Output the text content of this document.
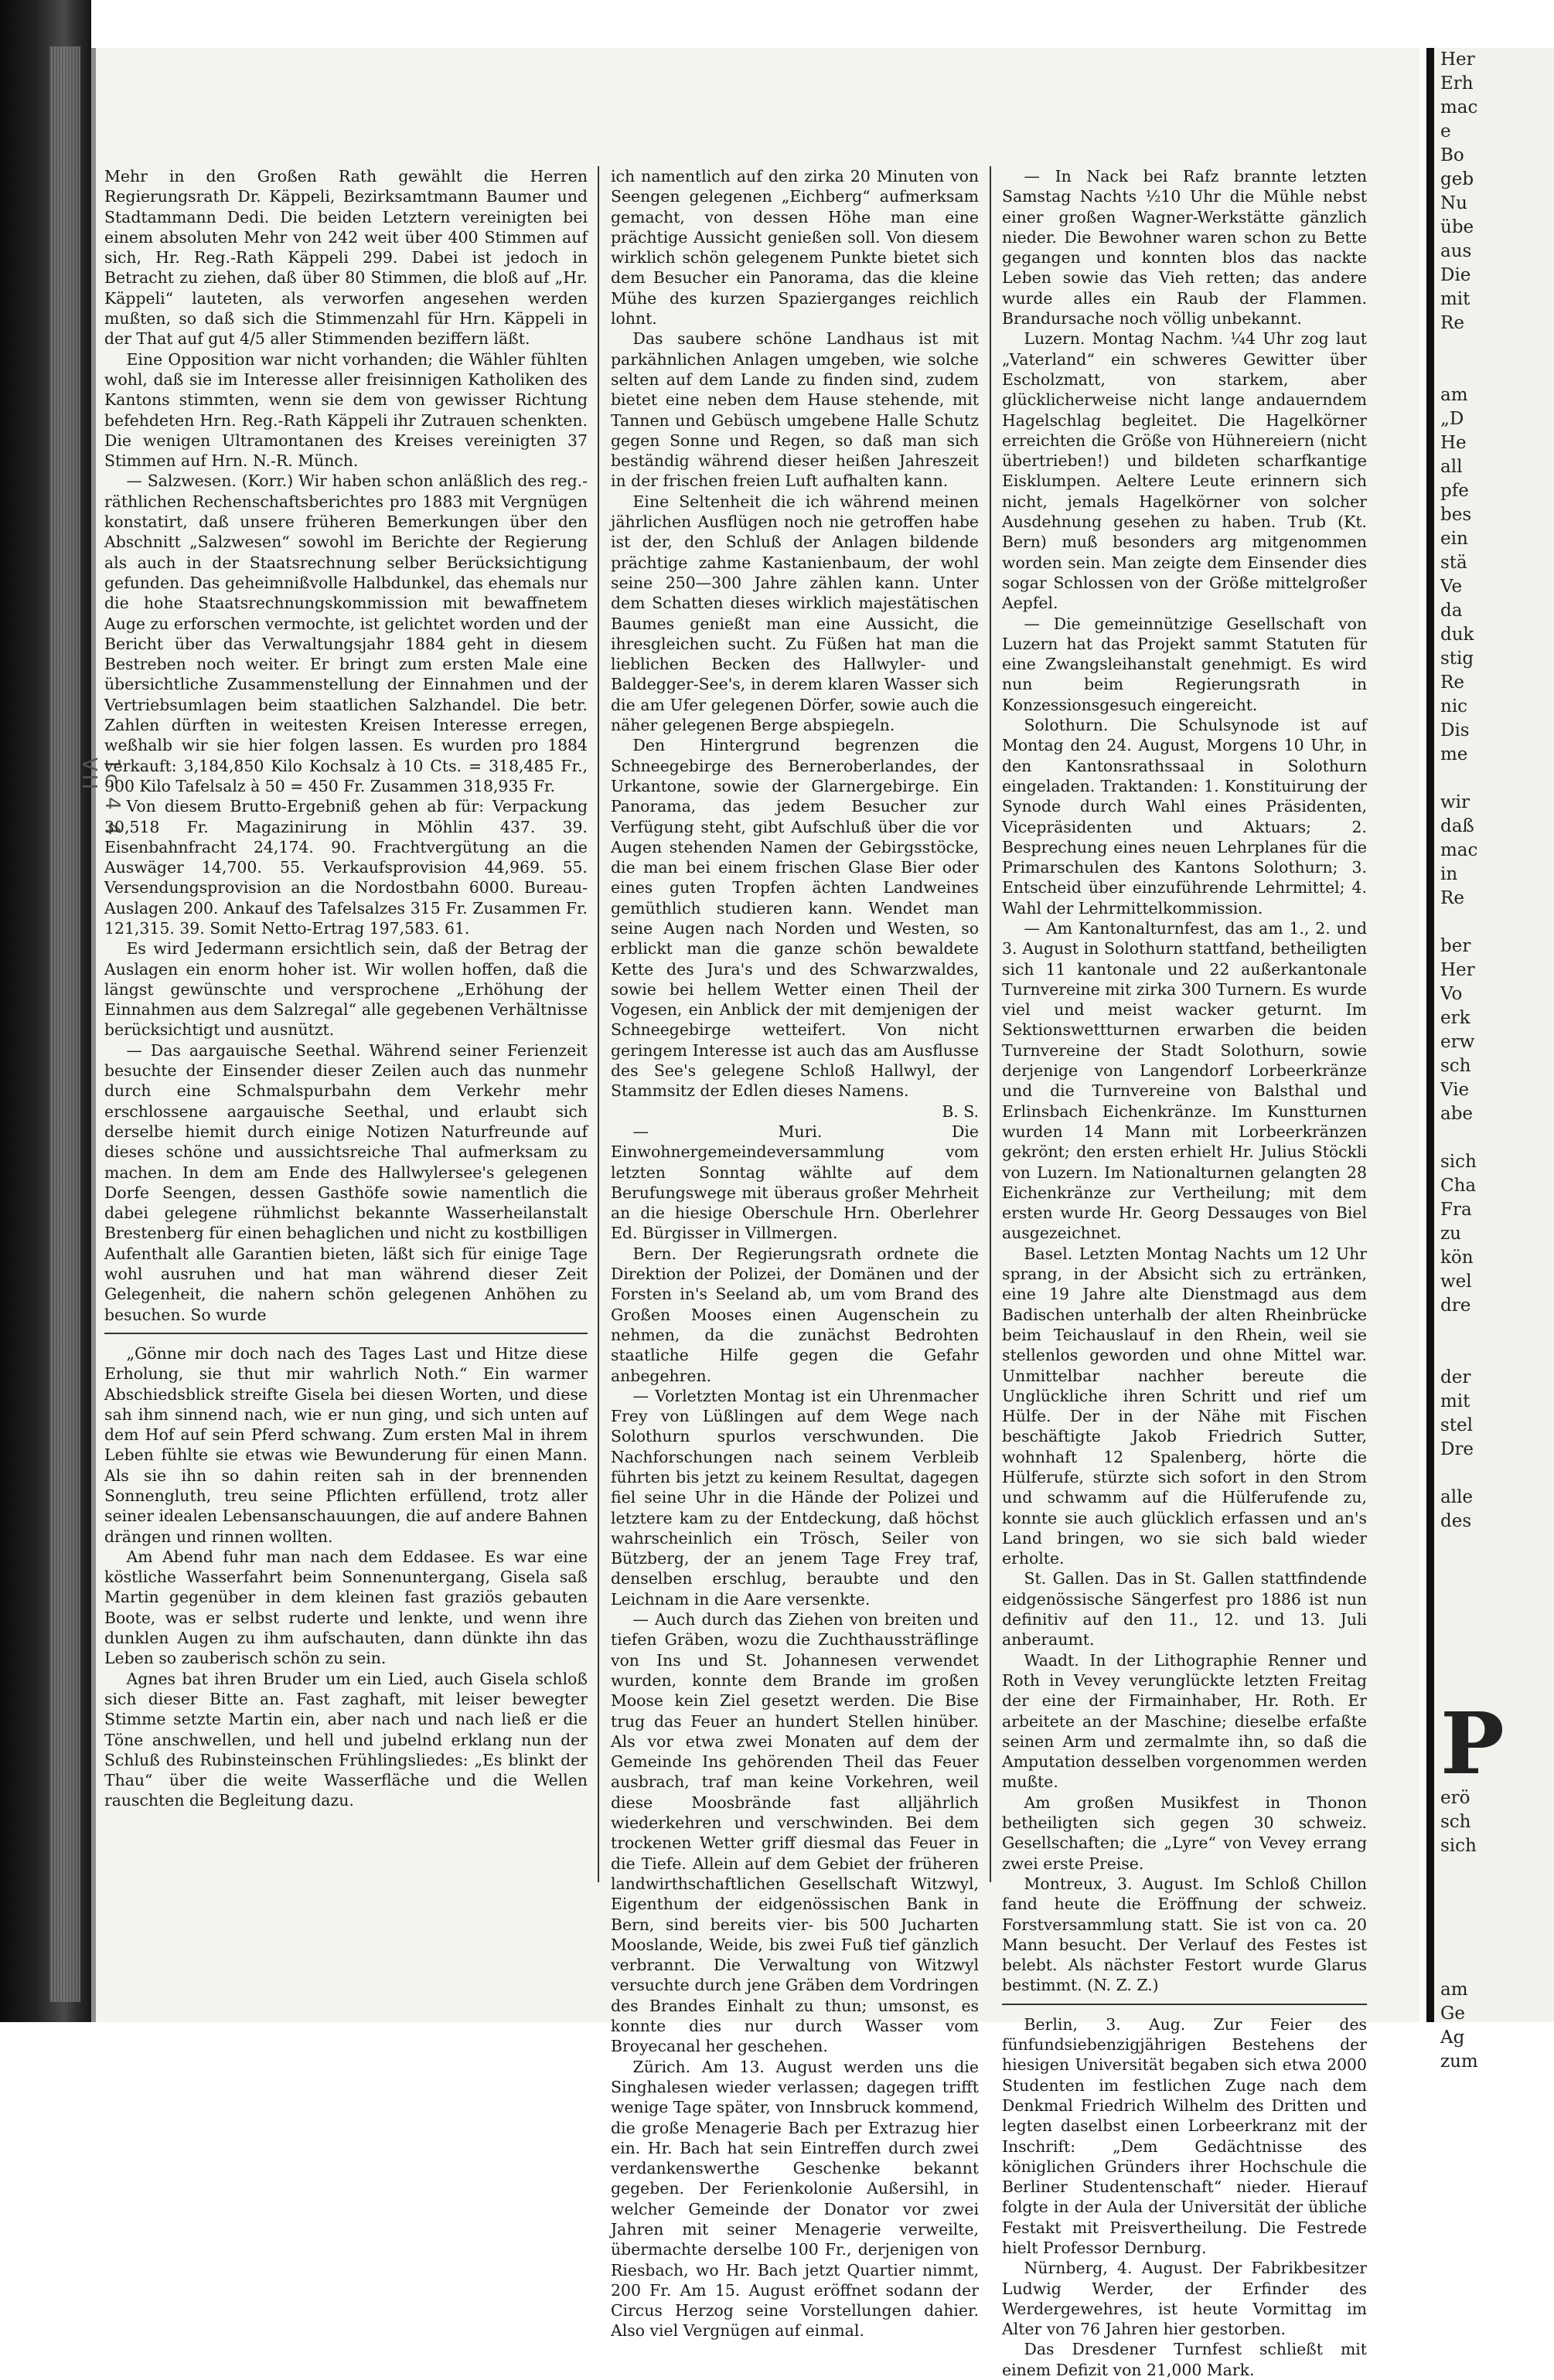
1c 4 4 VII

Mehr in den Großen Rath gewählt die Herren Regierungsrath Dr. Käppeli, Bezirksamtmann Baumer und Stadtammann Dedi. Die beiden Letztern vereinigten bei einem absoluten Mehr von 242 weit über 400 Stimmen auf sich, Hr. Reg.-Rath Käppeli 299. Dabei ist jedoch in Betracht zu ziehen, daß über 80 Stimmen, die bloß auf „Hr. Käppeli“ lauteten, als verworfen angesehen werden mußten, so daß sich die Stimmenzahl für Hrn. Käppeli in der That auf gut 4/5 aller Stimmenden beziffern läßt.

Eine Opposition war nicht vorhanden; die Wähler fühlten wohl, daß sie im Interesse aller freisinnigen Katholiken des Kantons stimmten, wenn sie dem von gewisser Richtung befehdeten Hrn. Reg.-Rath Käppeli ihr Zutrauen schenkten. Die wenigen Ultramontanen des Kreises vereinigten 37 Stimmen auf Hrn. N.-R. Münch.

— Salzwesen. (Korr.) Wir haben schon anläßlich des reg.-räthlichen Rechenschaftsberichtes pro 1883 mit Vergnügen konstatirt, daß unsere früheren Bemerkungen über den Abschnitt „Salzwesen“ sowohl im Berichte der Regierung als auch in der Staatsrechnung selber Berücksichtigung gefunden. Das geheimnißvolle Halbdunkel, das ehemals nur die hohe Staatsrechnungskommission mit bewaffnetem Auge zu erforschen vermochte, ist gelichtet worden und der Bericht über das Verwaltungsjahr 1884 geht in diesem Bestreben noch weiter. Er bringt zum ersten Male eine übersichtliche Zusammenstellung der Einnahmen und der Vertriebsumlagen beim staatlichen Salzhandel. Die betr. Zahlen dürften in weitesten Kreisen Interesse erregen, weßhalb wir sie hier folgen lassen. Es wurden pro 1884 verkauft: 3,184,850 Kilo Kochsalz à 10 Cts. = 318,485 Fr., 900 Kilo Tafelsalz à 50 = 450 Fr. Zusammen 318,935 Fr.

Von diesem Brutto-Ergebniß gehen ab für: Verpackung 30,518 Fr. Magazinirung in Möhlin 437. 39. Eisenbahnfracht 24,174. 90. Frachtvergütung an die Auswäger 14,700. 55. Verkaufsprovision 44,969. 55. Versendungsprovision an die Nordostbahn 6000. Bureau-Auslagen 200. Ankauf des Tafelsalzes 315 Fr. Zusammen Fr. 121,315. 39. Somit Netto-Ertrag 197,583. 61.

Es wird Jedermann ersichtlich sein, daß der Betrag der Auslagen ein enorm hoher ist. Wir wollen hoffen, daß die längst gewünschte und versprochene „Erhöhung der Einnahmen aus dem Salzregal“ alle gegebenen Verhältnisse berücksichtigt und ausnützt.

— Das aargauische Seethal. Während seiner Ferienzeit besuchte der Einsender dieser Zeilen auch das nunmehr durch eine Schmalspurbahn dem Verkehr mehr erschlossene aargauische Seethal, und erlaubt sich derselbe hiemit durch einige Notizen Naturfreunde auf dieses schöne und aussichtsreiche Thal aufmerksam zu machen. In dem am Ende des Hallwylersee's gelegenen Dorfe Seengen, dessen Gasthöfe sowie namentlich die dabei gelegene rühmlichst bekannte Wasserheilanstalt Brestenberg für einen behaglichen und nicht zu kostbilligen Aufenthalt alle Garantien bieten, läßt sich für einige Tage wohl ausruhen und hat man während dieser Zeit Gelegenheit, die nahern schön gelegenen Anhöhen zu besuchen. So wurde

„Gönne mir doch nach des Tages Last und Hitze diese Erholung, sie thut mir wahrlich Noth.“ Ein warmer Abschiedsblick streifte Gisela bei diesen Worten, und diese sah ihm sinnend nach, wie er nun ging, und sich unten auf dem Hof auf sein Pferd schwang. Zum ersten Mal in ihrem Leben fühlte sie etwas wie Bewunderung für einen Mann. Als sie ihn so dahin reiten sah in der brennenden Sonnengluth, treu seine Pflichten erfüllend, trotz aller seiner idealen Lebensanschauungen, die auf andere Bahnen drängen und rinnen wollten.

Am Abend fuhr man nach dem Eddasee. Es war eine köstliche Wasserfahrt beim Sonnenuntergang, Gisela saß Martin gegenüber in dem kleinen fast graziös gebauten Boote, was er selbst ruderte und lenkte, und wenn ihre dunklen Augen zu ihm aufschauten, dann dünkte ihn das Leben so zauberisch schön zu sein.

Agnes bat ihren Bruder um ein Lied, auch Gisela schloß sich dieser Bitte an. Fast zaghaft, mit leiser bewegter Stimme setzte Martin ein, aber nach und nach ließ er die Töne anschwellen, und hell und jubelnd erklang nun der Schluß des Rubinsteinschen Frühlingsliedes: „Es blinkt der Thau“ über die weite Wasserfläche und die Wellen rauschten die Begleitung dazu.

ich namentlich auf den zirka 20 Minuten von Seengen gelegenen „Eichberg“ aufmerksam gemacht, von dessen Höhe man eine prächtige Aussicht genießen soll. Von diesem wirklich schön gelegenem Punkte bietet sich dem Besucher ein Panorama, das die kleine Mühe des kurzen Spazierganges reichlich lohnt.

Das saubere schöne Landhaus ist mit parkähnlichen Anlagen umgeben, wie solche selten auf dem Lande zu finden sind, zudem bietet eine neben dem Hause stehende, mit Tannen und Gebüsch umgebene Halle Schutz gegen Sonne und Regen, so daß man sich beständig während dieser heißen Jahreszeit in der frischen freien Luft aufhalten kann.

Eine Seltenheit die ich während meinen jährlichen Ausflügen noch nie getroffen habe ist der, den Schluß der Anlagen bildende prächtige zahme Kastanienbaum, der wohl seine 250—300 Jahre zählen kann. Unter dem Schatten dieses wirklich majestätischen Baumes genießt man eine Aussicht, die ihresgleichen sucht. Zu Füßen hat man die lieblichen Becken des Hallwyler- und Baldegger-See's, in derem klaren Wasser sich die am Ufer gelegenen Dörfer, sowie auch die näher gelegenen Berge abspiegeln.

Den Hintergrund begrenzen die Schneegebirge des Berneroberlandes, der Urkantone, sowie der Glarnergebirge. Ein Panorama, das jedem Besucher zur Verfügung steht, gibt Aufschluß über die vor Augen stehenden Namen der Gebirgsstöcke, die man bei einem frischen Glase Bier oder eines guten Tropfen ächten Landweines gemüthlich studieren kann. Wendet man seine Augen nach Norden und Westen, so erblickt man die ganze schön bewaldete Kette des Jura's und des Schwarzwaldes, sowie bei hellem Wetter einen Theil der Vogesen, ein Anblick der mit demjenigen der Schneegebirge wetteifert. Von nicht geringem Interesse ist auch das am Ausflusse des See's gelegene Schloß Hallwyl, der Stammsitz der Edlen dieses Namens.

B. S.

— Muri. Die Einwohnergemeindeversammlung vom letzten Sonntag wählte auf dem Berufungswege mit überaus großer Mehrheit an die hiesige Oberschule Hrn. Oberlehrer Ed. Bürgisser in Villmergen.

Bern. Der Regierungsrath ordnete die Direktion der Polizei, der Domänen und der Forsten in's Seeland ab, um vom Brand des Großen Mooses einen Augenschein zu nehmen, da die zunächst Bedrohten staatliche Hilfe gegen die Gefahr anbegehren.

— Vorletzten Montag ist ein Uhrenmacher Frey von Lüßlingen auf dem Wege nach Solothurn spurlos verschwunden. Die Nachforschungen nach seinem Verbleib führten bis jetzt zu keinem Resultat, dagegen fiel seine Uhr in die Hände der Polizei und letztere kam zu der Entdeckung, daß höchst wahrscheinlich ein Trösch, Seiler von Bützberg, der an jenem Tage Frey traf, denselben erschlug, beraubte und den Leichnam in die Aare versenkte.

— Auch durch das Ziehen von breiten und tiefen Gräben, wozu die Zuchthaussträflinge von Ins und St. Johannesen verwendet wurden, konnte dem Brande im großen Moose kein Ziel gesetzt werden. Die Bise trug das Feuer an hundert Stellen hinüber. Als vor etwa zwei Monaten auf dem der Gemeinde Ins gehörenden Theil das Feuer ausbrach, traf man keine Vorkehren, weil diese Moosbrände fast alljährlich wiederkehren und verschwinden. Bei dem trockenen Wetter griff diesmal das Feuer in die Tiefe. Allein auf dem Gebiet der früheren landwirthschaftlichen Gesellschaft Witzwyl, Eigenthum der eidgenössischen Bank in Bern, sind bereits vier- bis 500 Jucharten Mooslande, Weide, bis zwei Fuß tief gänzlich verbrannt. Die Verwaltung von Witzwyl versuchte durch jene Gräben dem Vordringen des Brandes Einhalt zu thun; umsonst, es konnte dies nur durch Wasser vom Broyecanal her geschehen.

Zürich. Am 13. August werden uns die Singhalesen wieder verlassen; dagegen trifft wenige Tage später, von Innsbruck kommend, die große Menagerie Bach per Extrazug hier ein. Hr. Bach hat sein Eintreffen durch zwei verdankenswerthe Geschenke bekannt gegeben. Der Ferienkolonie Außersihl, in welcher Gemeinde der Donator vor zwei Jahren mit seiner Menagerie verweilte, übermachte derselbe 100 Fr., derjenigen von Riesbach, wo Hr. Bach jetzt Quartier nimmt, 200 Fr. Am 15. August eröffnet sodann der Circus Herzog seine Vorstellungen dahier. Also viel Vergnügen auf einmal.

— In Nack bei Rafz brannte letzten Samstag Nachts ½10 Uhr die Mühle nebst einer großen Wagner-Werkstätte gänzlich nieder. Die Bewohner waren schon zu Bette gegangen und konnten blos das nackte Leben sowie das Vieh retten; das andere wurde alles ein Raub der Flammen. Brandursache noch völlig unbekannt.

Luzern. Montag Nachm. ¼4 Uhr zog laut „Vaterland“ ein schweres Gewitter über Escholzmatt, von starkem, aber glücklicherweise nicht lange andauerndem Hagelschlag begleitet. Die Hagelkörner erreichten die Größe von Hühnereiern (nicht übertrieben!) und bildeten scharfkantige Eisklumpen. Aeltere Leute erinnern sich nicht, jemals Hagelkörner von solcher Ausdehnung gesehen zu haben. Trub (Kt. Bern) muß besonders arg mitgenommen worden sein. Man zeigte dem Einsender dies sogar Schlossen von der Größe mittelgroßer Aepfel.

— Die gemeinnützige Gesellschaft von Luzern hat das Projekt sammt Statuten für eine Zwangsleihanstalt genehmigt. Es wird nun beim Regierungsrath in Konzessionsgesuch eingereicht.

Solothurn. Die Schulsynode ist auf Montag den 24. August, Morgens 10 Uhr, in den Kantonsrathssaal in Solothurn eingeladen. Traktanden: 1. Konstituirung der Synode durch Wahl eines Präsidenten, Vicepräsidenten und Aktuars; 2. Besprechung eines neuen Lehrplanes für die Primarschulen des Kantons Solothurn; 3. Entscheid über einzuführende Lehrmittel; 4. Wahl der Lehrmittelkommission.

— Am Kantonalturnfest, das am 1., 2. und 3. August in Solothurn stattfand, betheiligten sich 11 kantonale und 22 außerkantonale Turnvereine mit zirka 300 Turnern. Es wurde viel und meist wacker geturnt. Im Sektionswettturnen erwarben die beiden Turnvereine der Stadt Solothurn, sowie derjenige von Langendorf Lorbeerkränze und die Turnvereine von Balsthal und Erlinsbach Eichenkränze. Im Kunstturnen wurden 14 Mann mit Lorbeerkränzen gekrönt; den ersten erhielt Hr. Julius Stöckli von Luzern. Im Nationalturnen gelangten 28 Eichenkränze zur Vertheilung; mit dem ersten wurde Hr. Georg Dessauges von Biel ausgezeichnet.

Basel. Letzten Montag Nachts um 12 Uhr sprang, in der Absicht sich zu ertränken, eine 19 Jahre alte Dienstmagd aus dem Badischen unterhalb der alten Rheinbrücke beim Teichauslauf in den Rhein, weil sie stellenlos geworden und ohne Mittel war. Unmittelbar nachher bereute die Unglückliche ihren Schritt und rief um Hülfe. Der in der Nähe mit Fischen beschäftigte Jakob Friedrich Sutter, wohnhaft 12 Spalenberg, hörte die Hülferufe, stürzte sich sofort in den Strom und schwamm auf die Hülferufende zu, konnte sie auch glücklich erfassen und an's Land bringen, wo sie sich bald wieder erholte.

St. Gallen. Das in St. Gallen stattfindende eidgenössische Sängerfest pro 1886 ist nun definitiv auf den 11., 12. und 13. Juli anberaumt.

Waadt. In der Lithographie Renner und Roth in Vevey verunglückte letzten Freitag der eine der Firmainhaber, Hr. Roth. Er arbeitete an der Maschine; dieselbe erfaßte seinen Arm und zermalmte ihn, so daß die Amputation desselben vorgenommen werden mußte.

Am großen Musikfest in Thonon betheiligten sich gegen 30 schweiz. Gesellschaften; die „Lyre“ von Vevey errang zwei erste Preise.

Montreux, 3. August. Im Schloß Chillon fand heute die Eröffnung der schweiz. Forstversammlung statt. Sie ist von ca. 20 Mann besucht. Der Verlauf des Festes ist belebt. Als nächster Festort wurde Glarus bestimmt. (N. Z. Z.)

Berlin, 3. Aug. Zur Feier des fünfundsiebenzigjährigen Bestehens der hiesigen Universität begaben sich etwa 2000 Studenten im festlichen Zuge nach dem Denkmal Friedrich Wilhelm des Dritten und legten daselbst einen Lorbeerkranz mit der Inschrift: „Dem Gedächtnisse des königlichen Gründers ihrer Hochschule die Berliner Studentenschaft“ nieder. Hierauf folgte in der Aula der Universität der übliche Festakt mit Preisvertheilung. Die Festrede hielt Professor Dernburg.

Nürnberg, 4. August. Der Fabrikbesitzer Ludwig Werder, der Erfinder des Werdergewehres, ist heute Vormittag im Alter von 76 Jahren hier gestorben.

Das Dresdener Turnfest schließt mit einem Defizit von 21,000 Mark.

Her
Erh
mac
e
Bo
geb
Nu
übe
aus
Die
mit
Re

am
„D
He
all
pfe
bes
ein
stä
Ve
da
duk
stig
Re
nic
Dis
me

wir
daß
mac
in
Re

ber
Her
Vo
erk
erw
sch
Vie
abe

sich
Cha
Fra
zu
kön
wel
dre

der
mit
stel
Dre

alle
des

P
erö
sch
sich

am
Ge
Ag
zum
